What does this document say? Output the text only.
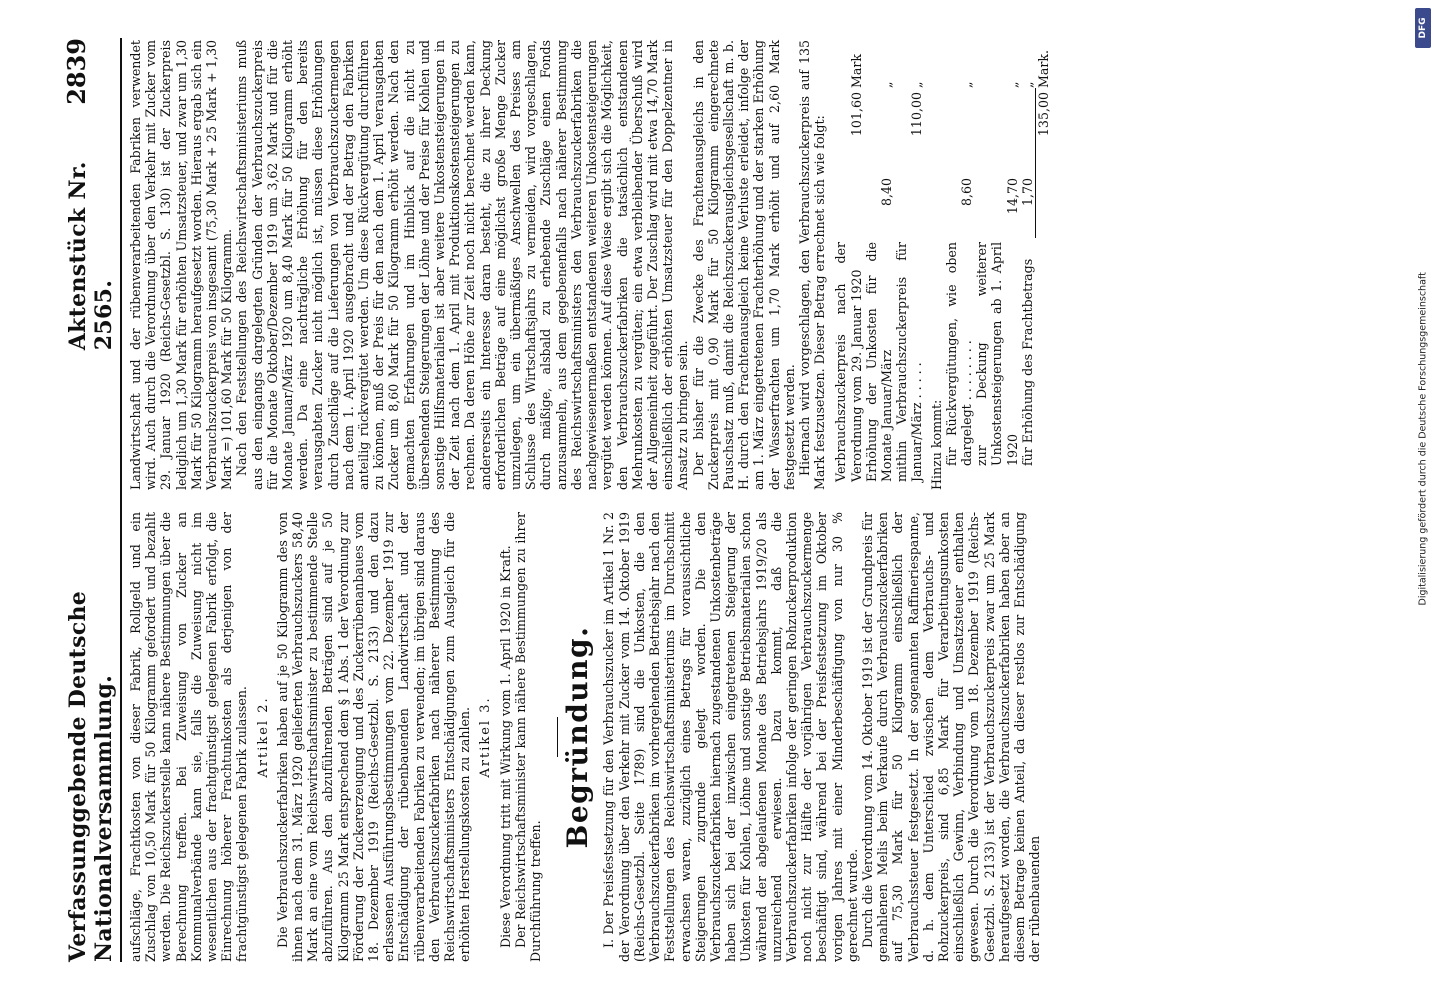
Verfassunggebende Deutsche Nationalversammlung.
Aktenstück Nr. 2565.
2839

aufschläge, Frachtkosten von dieser Fabrik, Rollgeld und ein Zuschlag von 10,50 Mark für 50 Kilogramm gefordert und bezahlt werden. Die Reichszuckerstelle kann nähere Bestimmungen über die Berechnung treffen. Bei Zuweisung von Zucker an Kommunalverbände kann sie, falls die Zuweisung nicht im wesentlichen aus der frachtgünstigst gelegenen Fabrik erfolgt, die Einrechnung höherer Frachtunkosten als derjenigen von der frachtgünstigst gelegenen Fabrik zulassen. Artikel 2. Die Verbrauchszuckerfabriken haben auf je 50 Kilogramm des von ihnen nach dem 31. März 1920 gelieferten Verbrauchszuckers 58,40 Mark an eine vom Reichswirtschaftsminister zu bestimmende Stelle abzuführen. Aus den abzuführenden Beträgen sind auf je 50 Kilogramm 25 Mark entsprechend dem § 1 Abs. 1 der Verordnung zur Förderung der Zuckererzeugung und des Zuckerrübenanbaues vom 18. Dezember 1919 (Reichs-Gesetzbl. S. 2133) und den dazu erlassenen Ausführungsbestimmungen vom 22. Dezember 1919 zur Entschädigung der rübenbauenden Landwirtschaft und der rübenverarbeitenden Fabriken zu verwenden; im übrigen sind daraus den Verbrauchszuckerfabriken nach näherer Bestimmung des Reichswirtschaftsministers Entschädigungen zum Ausgleich für die erhöhten Herstellungskosten zu zahlen. Artikel 3. Diese Verordnung tritt mit Wirkung vom 1. April 1920 in Kraft. Der Reichswirtschaftsminister kann nähere Bestimmungen zu ihrer Durchführung treffen.

Begründung. I. Der Preisfestsetzung für den Verbrauchszucker im Artikel 1 Nr. 2 der Verordnung über den Verkehr mit Zucker vom 14. Oktober 1919 (Reichs-Gesetzbl. Seite 1789) sind die Unkosten, die den Verbrauchszuckerfabriken im vorhergehenden Betriebsjahr nach den Feststellungen des Reichswirtschaftsministeriums im Durchschnitt erwachsen waren, zuzüglich eines Betrags für voraussichtliche Steigerungen zugrunde gelegt worden. Die den Verbrauchszuckerfabriken hiernach zugestandenen Unkostenbeträge haben sich bei der inzwischen eingetretenen Steigerung der Unkosten für Kohlen, Löhne und sonstige Betriebsmaterialien schon während der abgelaufenen Monate des Betriebsjahrs 1919/20 als unzureichend erwiesen. Dazu kommt, daß die Verbrauchszuckerfabriken infolge der geringen Rohzuckerproduktion noch nicht zur Hälfte der vorjährigen Verbrauchszuckermenge beschäftigt sind, während bei der Preisfestsetzung im Oktober vorigen Jahres mit einer Minderbeschäftigung von nur 30 % gerechnet wurde. Durch die Verordnung vom 14. Oktober 1919 ist der Grundpreis für gemahlenen Melis beim Verkaufe durch Verbrauchszuckerfabriken auf 75,30 Mark für 50 Kilogramm einschließlich der Verbrauchssteuer festgesetzt. In der sogenannten Raffineriespanne, d. h. dem Unterschied zwischen dem Verbrauchs- und Rohzuckerpreis, sind 6,85 Mark für Verarbeitungsunkosten einschließlich Gewinn, Verbindung und Umsatzsteuer enthalten gewesen. Durch die Verordnung vom 18. Dezember 1919 (Reichs-Gesetzbl. S. 2133) ist der Verbrauchszuckerpreis zwar um 25 Mark heraufgesetzt worden, die Verbrauchszuckerfabriken haben aber an diesem Betrage keinen Anteil, da dieser restlos zur Entschädigung der rübenbauenden

Landwirtschaft und der rübenverarbeitenden Fabriken verwendet wird. Auch durch die Verordnung über den Verkehr mit Zucker vom 29. Januar 1920 (Reichs-Gesetzbl. S. 130) ist der Zuckerpreis lediglich um 1,30 Mark für erhöhten Umsatzsteuer, und zwar um 1,30 Mark für 50 Kilogramm heraufgesetzt worden. Hieraus ergab sich ein Verbrauchszuckerpreis von insgesamt (75,30 Mark + 25 Mark + 1,30 Mark =) 101,60 Mark für 50 Kilogramm. Nach den Feststellungen des Reichswirtschaftsministeriums muß aus den eingangs dargelegten Gründen der Verbrauchszuckerpreis für die Monate Oktober/Dezember 1919 um 3,62 Mark und für die Monate Januar/März 1920 um 8,40 Mark für 50 Kilogramm erhöht werden. Da eine nachträgliche Erhöhung für den bereits verausgabten Zucker nicht möglich ist, müssen diese Erhöhungen durch Zuschläge auf die Lieferungen von Verbrauchszuckermengen nach dem 1. April 1920 ausgebracht und der Betrag den Fabriken anteilig rückvergütet werden. Um diese Rückvergütung durchführen zu können, muß der Preis für den nach dem 1. April verausgabten Zucker um 8,60 Mark für 50 Kilogramm erhöht werden. Nach den gemachten Erfahrungen und im Hinblick auf die nicht zu übersehenden Steigerungen der Löhne und der Preise für Kohlen und sonstige Hilfsmaterialien ist aber weitere Unkostensteigerungen in der Zeit nach dem 1. April mit Produktionskostensteigerungen zu rechnen. Da deren Höhe zur Zeit noch nicht berechnet werden kann, andererseits ein Interesse daran besteht, die zu ihrer Deckung erforderlichen Beträge auf eine möglichst große Menge Zucker umzulegen, um ein übermäßiges Anschwellen des Preises am Schlusse des Wirtschaftsjahrs zu vermeiden, wird vorgeschlagen, durch mäßige, alsbald zu erhebende Zuschläge einen Fonds anzusammeln, aus dem gegebenenfalls nach näherer Bestimmung des Reichswirtschaftsministers den Verbrauchszuckerfabriken die nachgewiesenermaßen entstandenen weiteren Unkostensteigerungen vergütet werden können. Auf diese Weise ergibt sich die Möglichkeit, den Verbrauchszuckerfabriken die tatsächlich entstandenen Mehrunkosten zu vergüten; ein etwa verbleibender Überschuß wird der Allgemeinheit zugeführt. Der Zuschlag wird mit etwa 14,70 Mark einschließlich der erhöhten Umsatzsteuer für den Doppelzentner in Ansatz zu bringen sein. Der bisher für die Zwecke des Frachtenausgleichs in den Zuckerpreis mit 0,90 Mark für 50 Kilogramm eingerechnete Pauschsatz muß, damit die Reichszuckerausgleichsgesellschaft m. b. H. durch den Frachtenausgleich keine Verluste erleidet, infolge der am 1. März eingetretenen Frachterhöhung und der starken Erhöhung der Wasserfrachten um 1,70 Mark erhöht und auf 2,60 Mark festgesetzt werden. Hiernach wird vorgeschlagen, den Verbrauchszuckerpreis auf 135 Mark festzusetzen. Dieser Betrag errechnet sich wie folgt: Verbrauchszuckerpreis nach der Verordnung vom 29. Januar 1920
101,60
Mark
Erhöhung der Unkosten für die Monate Januar/März
8,40
„
mithin Verbrauchszuckerpreis für Januar/März . . . . .
110,00
„
Hinzu kommt: für Rückvergütungen, wie oben dargelegt . . . . . . . .
8,60
„
zur Deckung weiterer Unkostensteigerungen ab 1. April 1920
14,70
„
für Erhöhung des Frachtbetrags
1,70
„
135,00
Mark.
DFG
Digitalisierung gefördert durch die Deutsche Forschungsgemeinschaft
